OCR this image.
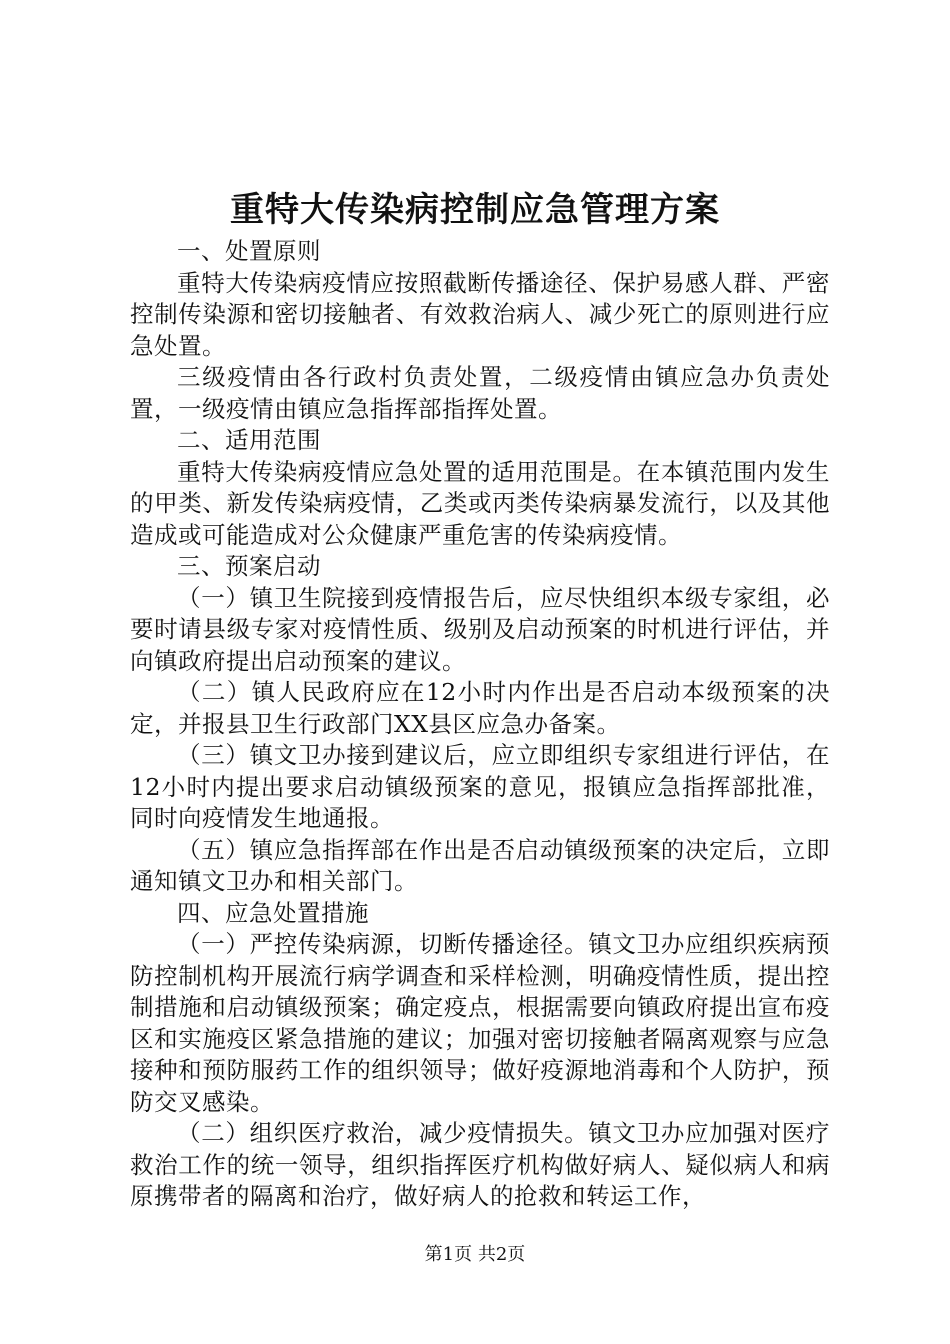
重特大传染病控制应急管理方案

一、处置原则

重特大传染病疫情应按照截断传播途径、保护易感人群、严密控制传染源和密切接触者、有效救治病人、减少死亡的原则进行应急处置。

三级疫情由各行政村负责处置，二级疫情由镇应急办负责处置，一级疫情由镇应急指挥部指挥处置。

二、适用范围

重特大传染病疫情应急处置的适用范围是。在本镇范围内发生的甲类、新发传染病疫情，乙类或丙类传染病暴发流行，以及其他造成或可能造成对公众健康严重危害的传染病疫情。

三、预案启动

（一）镇卫生院接到疫情报告后，应尽快组织本级专家组，必要时请县级专家对疫情性质、级别及启动预案的时机进行评估，并向镇政府提出启动预案的建议。

（二）镇人民政府应在12小时内作出是否启动本级预案的决定，并报县卫生行政部门XX县区应急办备案。

（三）镇文卫办接到建议后，应立即组织专家组进行评估，在12小时内提出要求启动镇级预案的意见，报镇应急指挥部批准，同时向疫情发生地通报。

（五）镇应急指挥部在作出是否启动镇级预案的决定后，立即通知镇文卫办和相关部门。

四、应急处置措施

（一）严控传染病源，切断传播途径。镇文卫办应组织疾病预防控制机构开展流行病学调查和采样检测，明确疫情性质，提出控制措施和启动镇级预案；确定疫点，根据需要向镇政府提出宣布疫区和实施疫区紧急措施的建议；加强对密切接触者隔离观察与应急接种和预防服药工作的组织领导；做好疫源地消毒和个人防护，预防交叉感染。

（二）组织医疗救治，减少疫情损失。镇文卫办应加强对医疗救治工作的统一领导，组织指挥医疗机构做好病人、疑似病人和病原携带者的隔离和治疗，做好病人的抢救和转运工作，

第1页 共2页
